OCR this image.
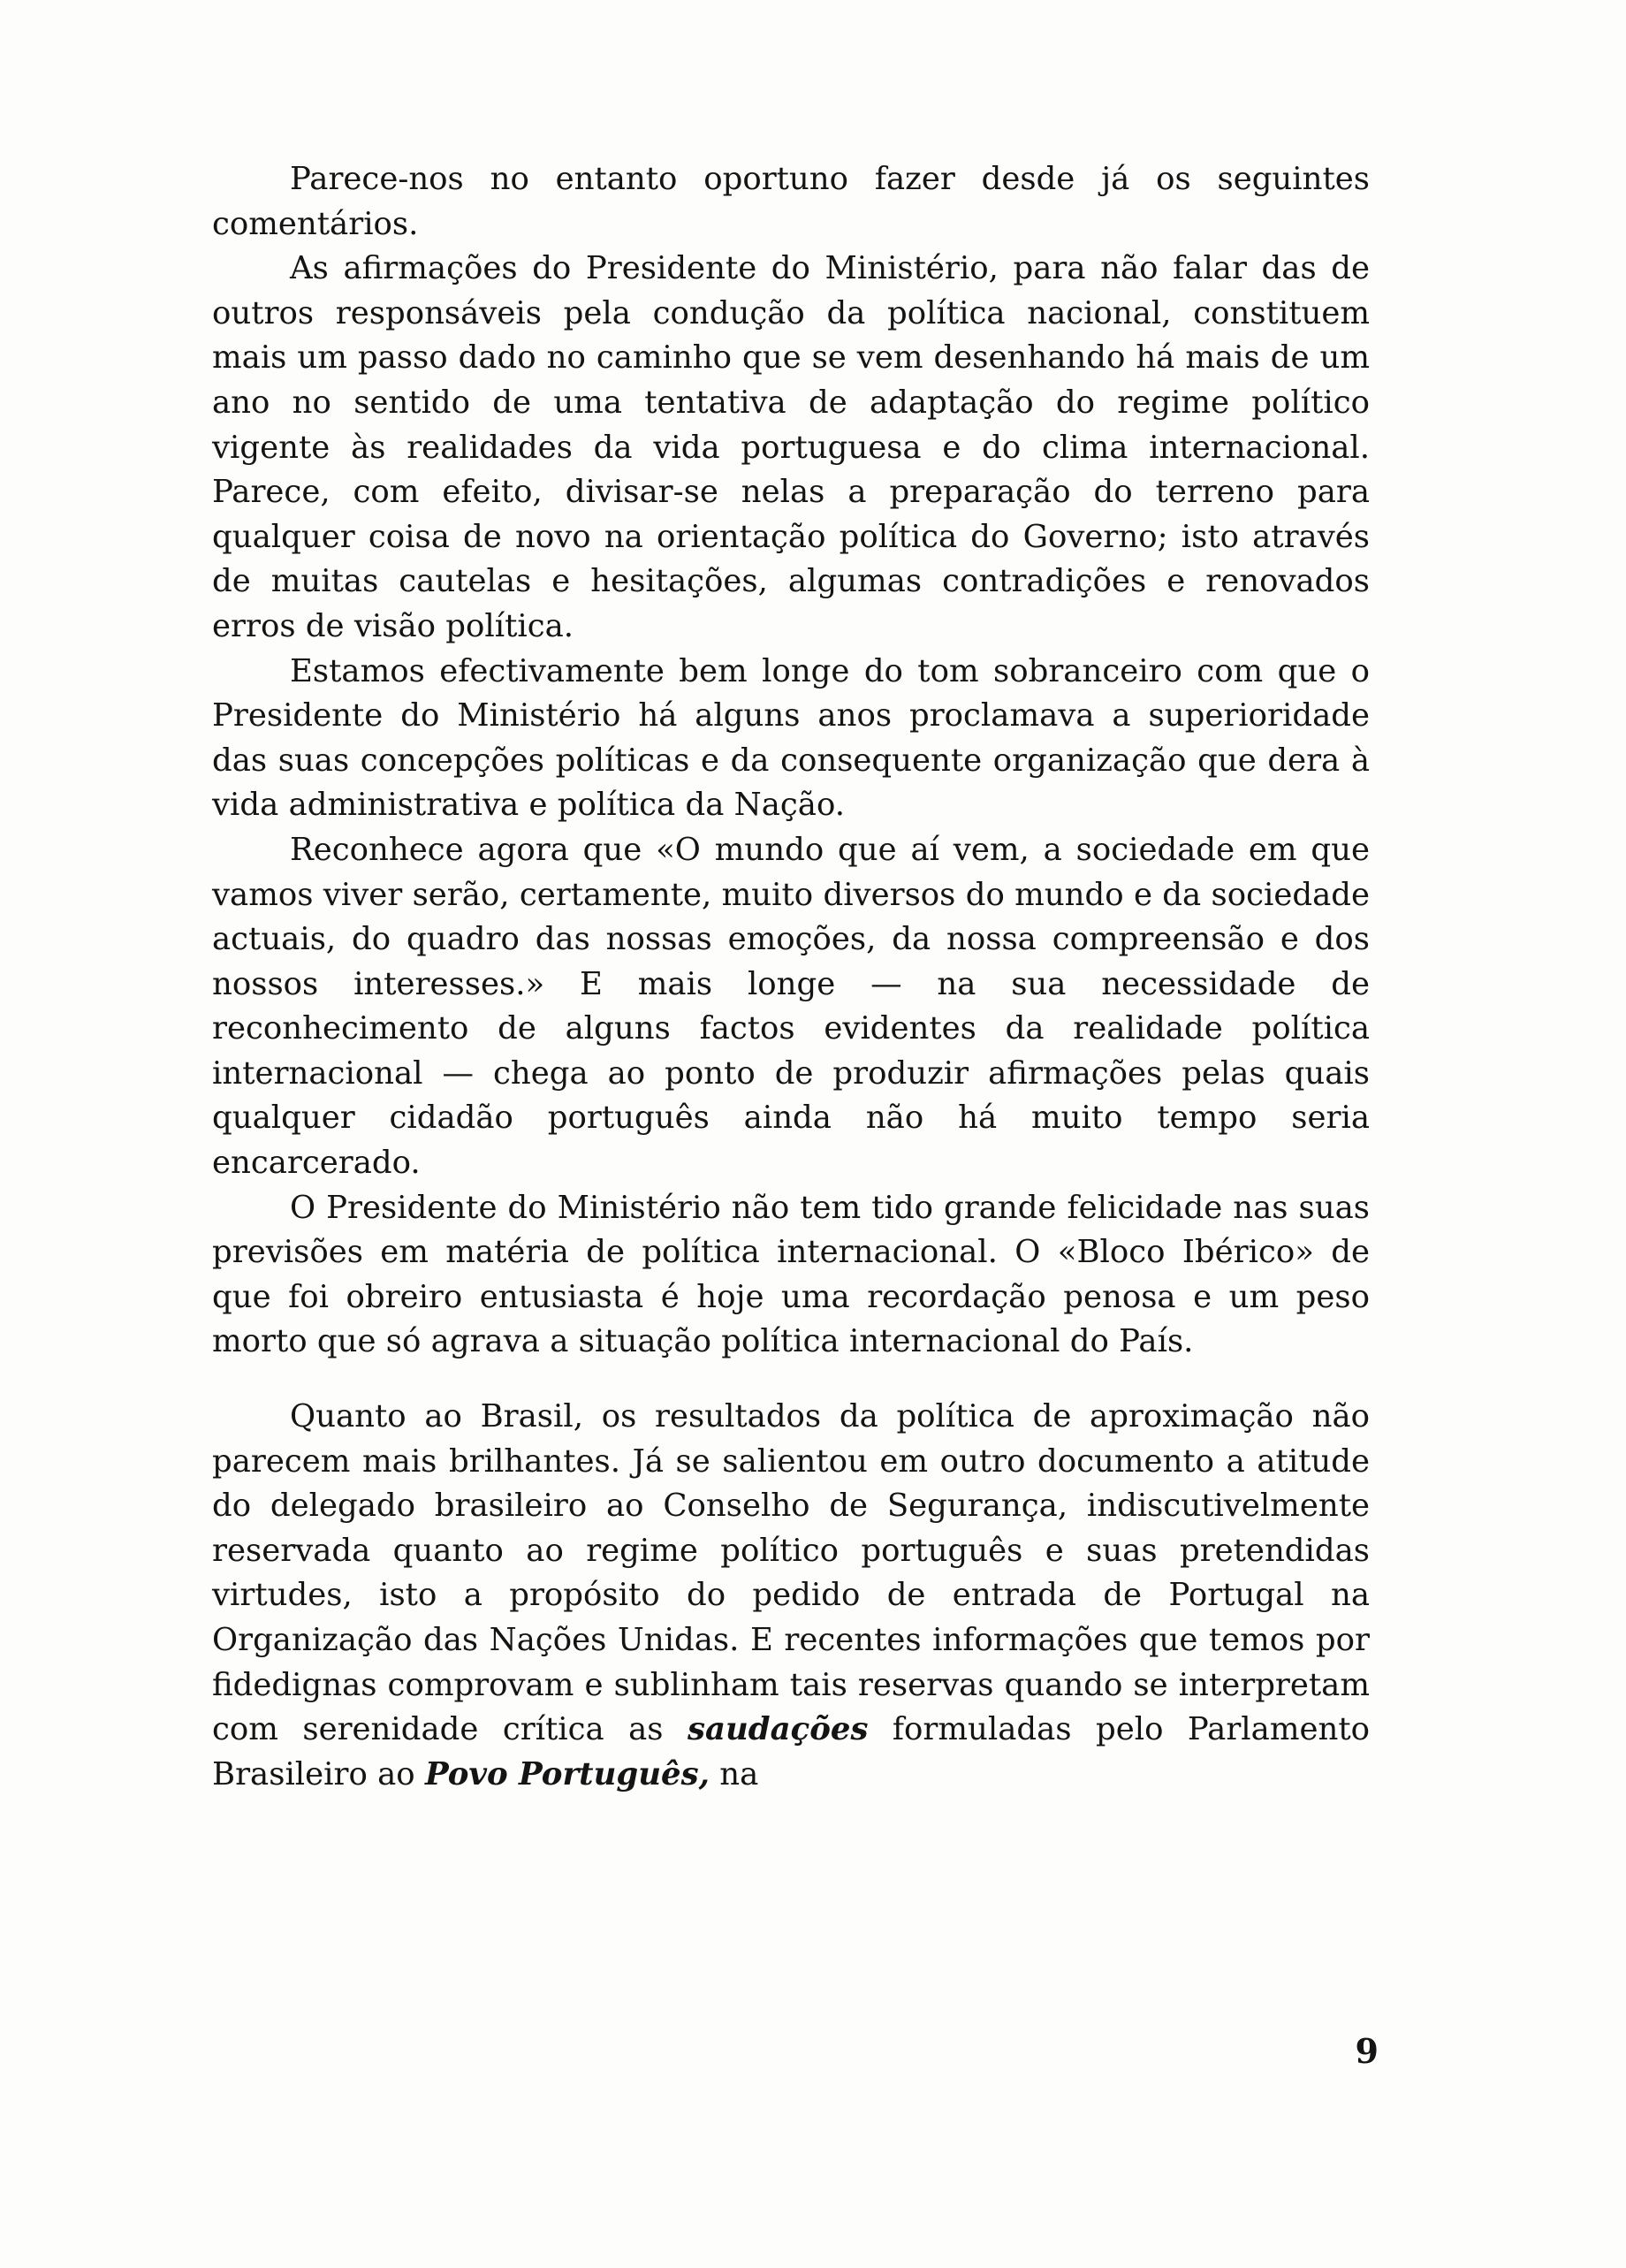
Parece-nos no entanto oportuno fazer desde já os seguintes comentários.

As afirmações do Presidente do Ministério, para não falar das de outros responsáveis pela condução da política nacional, constituem mais um passo dado no caminho que se vem desenhando há mais de um ano no sentido de uma tentativa de adaptação do regime político vigente às realidades da vida portuguesa e do clima internacional. Parece, com efeito, divisar-se nelas a preparação do terreno para qualquer coisa de novo na orientação política do Governo; isto através de muitas cautelas e hesitações, algumas contradições e renovados erros de visão política.

Estamos efectivamente bem longe do tom sobranceiro com que o Presidente do Ministério há alguns anos proclamava a superioridade das suas concepções políticas e da consequente organização que dera à vida administrativa e política da Nação.

Reconhece agora que «O mundo que aí vem, a sociedade em que vamos viver serão, certamente, muito diversos do mundo e da sociedade actuais, do quadro das nossas emoções, da nossa compreensão e dos nossos interesses.» E mais longe — na sua necessidade de reconhecimento de alguns factos evidentes da realidade política internacional — chega ao ponto de produzir afirmações pelas quais qualquer cidadão português ainda não há muito tempo seria encarcerado.

O Presidente do Ministério não tem tido grande felicidade nas suas previsões em matéria de política internacional. O «Bloco Ibérico» de que foi obreiro entusiasta é hoje uma recordação penosa e um peso morto que só agrava a situação política internacional do País.

Quanto ao Brasil, os resultados da política de aproximação não parecem mais brilhantes. Já se salientou em outro documento a atitude do delegado brasileiro ao Conselho de Segurança, indiscutivelmente reservada quanto ao regime político português e suas pretendidas virtudes, isto a propósito do pedido de entrada de Portugal na Organização das Nações Unidas. E recentes informações que temos por fidedignas comprovam e sublinham tais reservas quando se interpretam com serenidade crítica as saudações formuladas pelo Parlamento Brasileiro ao Povo Português, na

9
